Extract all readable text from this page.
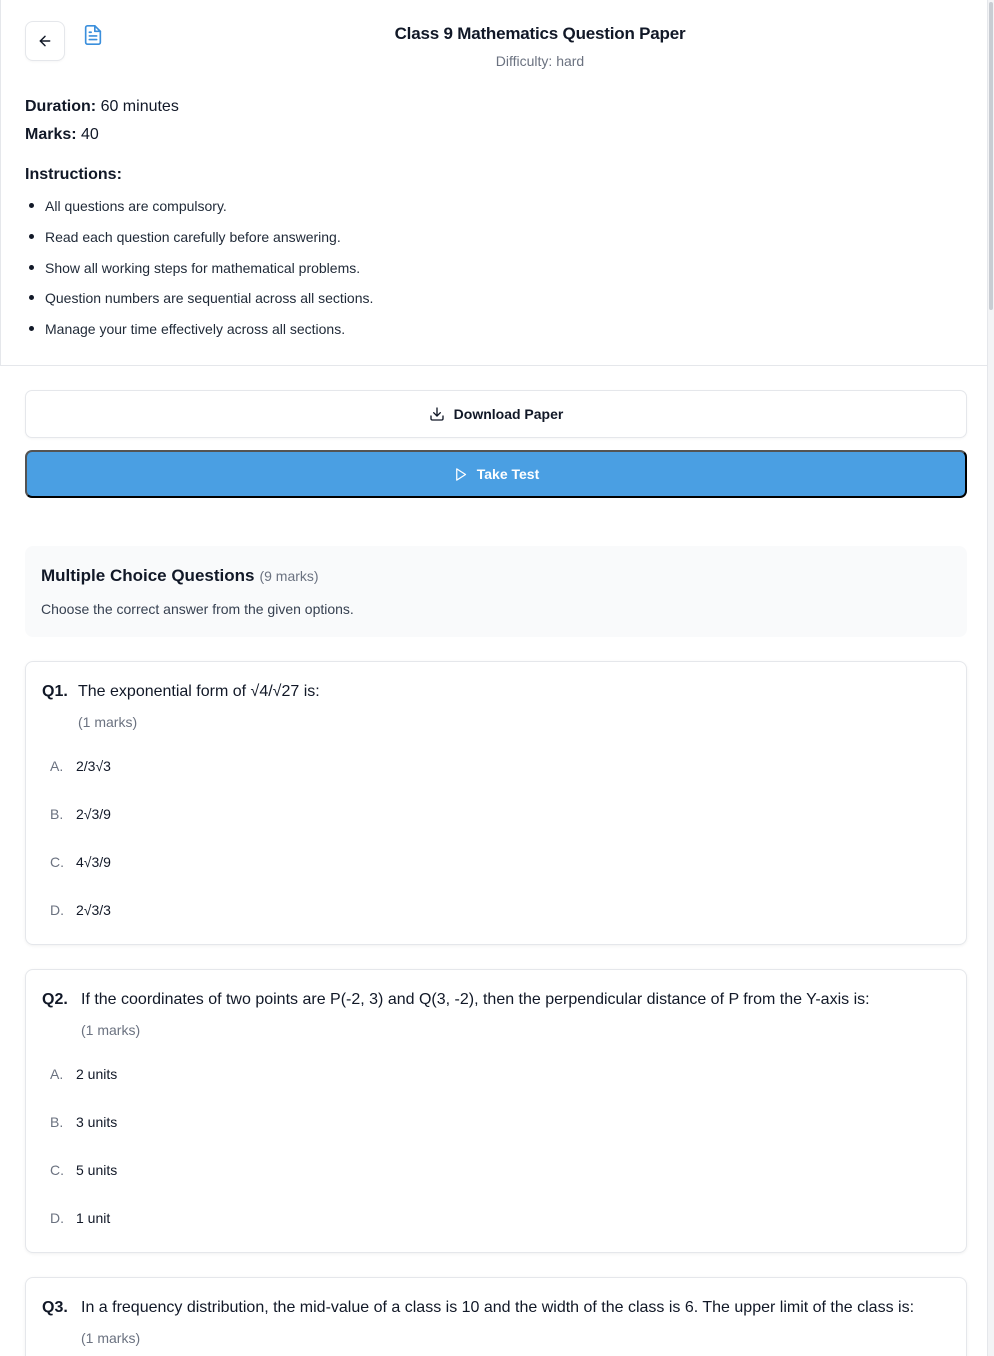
Class 9 Mathematics Question Paper
Difficulty: hard
Duration: 60 minutes
Marks: 40
Instructions:
All questions are compulsory.
Read each question carefully before answering.
Show all working steps for mathematical problems.
Question numbers are sequential across all sections.
Manage your time effectively across all sections.
Download Paper
Take Test
Multiple Choice Questions (9 marks)
Choose the correct answer from the given options.
Q1. The exponential form of √4/√27 is:
(1 marks)
A. 2/3√3
B. 2√3/9
C. 4√3/9
D. 2√3/3
Q2. If the coordinates of two points are P(-2, 3) and Q(3, -2), then the perpendicular distance of P from the Y-axis is:
(1 marks)
A. 2 units
B. 3 units
C. 5 units
D. 1 unit
Q3. In a frequency distribution, the mid-value of a class is 10 and the width of the class is 6. The upper limit of the class is:
(1 marks)
